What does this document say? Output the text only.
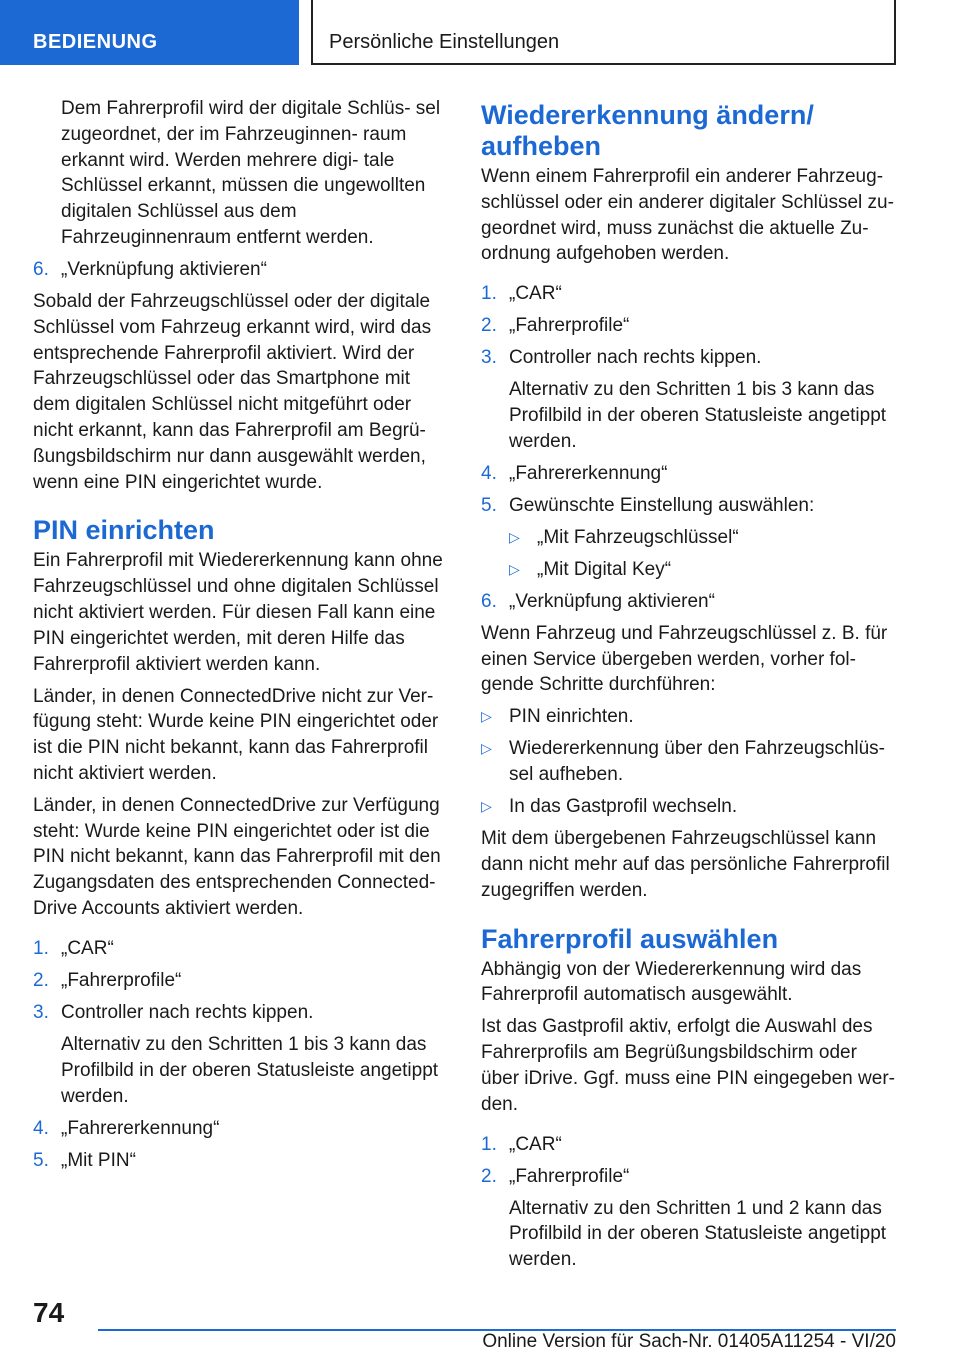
BEDIENUNG	Persönliche Einstellungen

Dem Fahrerprofil wird der digitale Schlüs- sel zugeordnet, der im Fahrzeuginnen- raum erkannt wird. Werden mehrere digi- tale Schlüssel erkannt, müssen die ungewollten digitalen Schlüssel aus dem Fahrzeuginnenraum entfernt werden.

6. „Verknüpfung aktivieren“

Sobald der Fahrzeugschlüssel oder der digitale Schlüssel vom Fahrzeug erkannt wird, wird das entsprechende Fahrerprofil aktiviert. Wird der Fahrzeugschlüssel oder das Smartphone mit dem digitalen Schlüssel nicht mitgeführt oder nicht erkannt, kann das Fahrerprofil am Begrü- ßungsbildschirm nur dann ausgewählt werden, wenn eine PIN eingerichtet wurde.

PIN einrichten

Ein Fahrerprofil mit Wiedererkennung kann ohne Fahrzeugschlüssel und ohne digitalen Schlüssel nicht aktiviert werden. Für diesen Fall kann eine PIN eingerichtet werden, mit deren Hilfe das Fahrerprofil aktiviert werden kann.

Länder, in denen ConnectedDrive nicht zur Ver- fügung steht: Wurde keine PIN eingerichtet oder ist die PIN nicht bekannt, kann das Fahrerprofil nicht aktiviert werden.

Länder, in denen ConnectedDrive zur Verfügung steht: Wurde keine PIN eingerichtet oder ist die PIN nicht bekannt, kann das Fahrerprofil mit den Zugangsdaten des entsprechenden Connected- Drive Accounts aktiviert werden.

1. „CAR“
2. „Fahrerprofile“
3. Controller nach rechts kippen.

Alternativ zu den Schritten 1 bis 3 kann das Profilbild in der oberen Statusleiste angetippt werden.

4. „Fahrererkennung“
5. „Mit PIN“
Wiedererkennung ändern/ aufheben

Wenn einem Fahrerprofil ein anderer Fahrzeug- schlüssel oder ein anderer digitaler Schlüssel zu- geordnet wird, muss zunächst die aktuelle Zu- ordnung aufgehoben werden.

1. „CAR“
2. „Fahrerprofile“
3. Controller nach rechts kippen.

Alternativ zu den Schritten 1 bis 3 kann das Profilbild in der oberen Statusleiste angetippt werden.

4. „Fahrererkennung“
5. Gewünschte Einstellung auswählen:
▷ „Mit Fahrzeugschlüssel“
▷ „Mit Digital Key“
6. „Verknüpfung aktivieren“

Wenn Fahrzeug und Fahrzeugschlüssel z. B. für einen Service übergeben werden, vorher fol- gende Schritte durchführen:

▷ PIN einrichten.
▷ Wiedererkennung über den Fahrzeugschlüs- sel aufheben.
▷ In das Gastprofil wechseln.

Mit dem übergebenen Fahrzeugschlüssel kann dann nicht mehr auf das persönliche Fahrerprofil zugegriffen werden.

Fahrerprofil auswählen

Abhängig von der Wiedererkennung wird das Fahrerprofil automatisch ausgewählt.

Ist das Gastprofil aktiv, erfolgt die Auswahl des Fahrerprofils am Begrüßungsbildschirm oder über iDrive. Ggf. muss eine PIN eingegeben wer- den.

1. „CAR“
2. „Fahrerprofile“

Alternativ zu den Schritten 1 und 2 kann das Profilbild in der oberen Statusleiste angetippt werden.

74
Online Version für Sach-Nr. 01405A11254 - VI/20
